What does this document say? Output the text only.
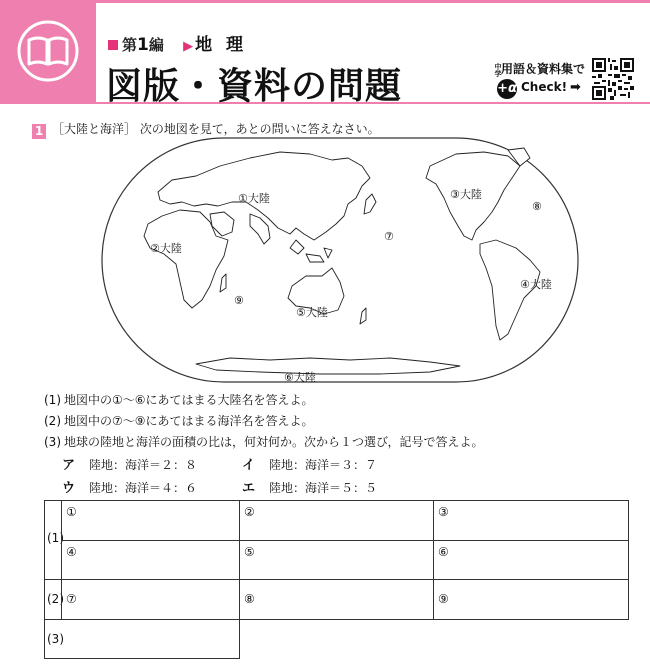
第1編 ▶ 地 理
図版・資料の問題	中学用語＆資料集で
+α Check! ➡
1 ［大陸と海洋］ 次の地図を見て，あとの問いに答えなさい。
①大陸
②大陸
③大陸
④大陸
⑤大陸
⑥大陸
⑦
⑧
⑨
(1) 地図中の①～⑥にあてはまる大陸名を答えよ。
(2) 地図中の⑦～⑨にあてはまる海洋名を答えよ。
(3) 地球の陸地と海洋の面積の比は，何対何か。次から１つ選び，記号で答えよ。
ア 陸地：海洋＝２：８	イ 陸地：海洋＝３：７
ウ 陸地：海洋＝４：６	エ 陸地：海洋＝５：５
(1)
①	②	③
④	⑤	⑥
(2) ⑦	⑧	⑨
(3)
